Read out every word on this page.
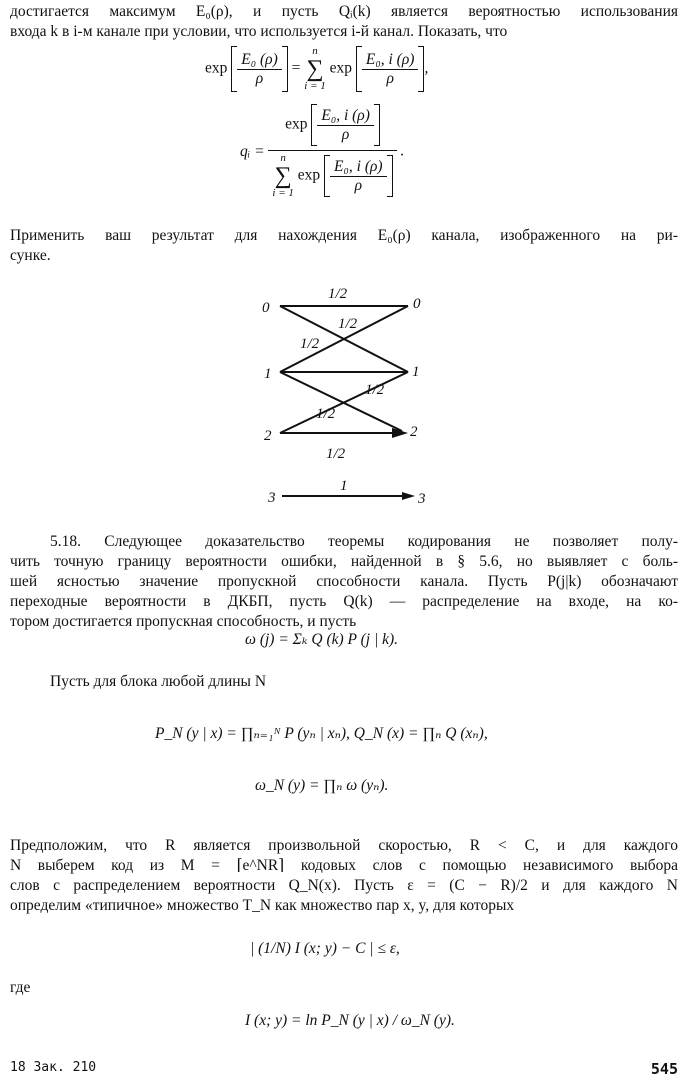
достигается максимум E₀(ρ), и пусть Qᵢ(k) является вероятностью использования
входа k в i-м канале при условии, что используется i-й канал. Показать, что
$\exp \frac{\text{E₀ (ρ)}}{\rho}$ =
n
∑
i = 1
$\exp \frac{\text{E₀, i (ρ)}}{\rho}$ ,
qᵢ = $\exp \frac{\text{E₀, i (ρ)}}{\rho}$
n
∑
i = 1
$\exp \frac{\text{E₀, i (ρ)}}{\rho}$ .
Применить ваш результат для нахождения E₀(ρ) канала, изображенного на ри-
сунке.
0
1
2
3
0
1
2
3
1/2
1/2
1/2
1/2
1/2
1/2
1
5.18. Следующее доказательство теоремы кодирования не позволяет полу-
чить точную границу вероятности ошибки, найденной в § 5.6, но выявляет с боль-
шей ясностью значение пропускной способности канала. Пусть P(j|k) обозначают
переходные вероятности в ДКБП, пусть Q(k) — распределение на входе, на ко-
тором достигается пропускная способность, и пусть
ω (j) = Σₖ Q (k) P (j | k).
Пусть для блока любой длины N
P_N (y | x) = ∏ₙ₌₁ᴺ P (yₙ | xₙ), Q_N (x) = ∏ₙ Q (xₙ),
ω_N (y) = ∏ₙ ω (yₙ).
Предположим, что R является произвольной скоростью, R < C, и для каждого
N выберем код из M = ⌈e^NR⌉ кодовых слов с помощью независимого выбора
слов с распределением вероятности Q_N(x). Пусть ε = (C − R)/2 и для каждого N
определим «типичное» множество T_N как множество пар x, y, для которых
| (1/N) I (x; y) − C | ≤ ε,
где
I (x; y) = ln P_N (y | x) / ω_N (y).
18 Зак. 210	545
